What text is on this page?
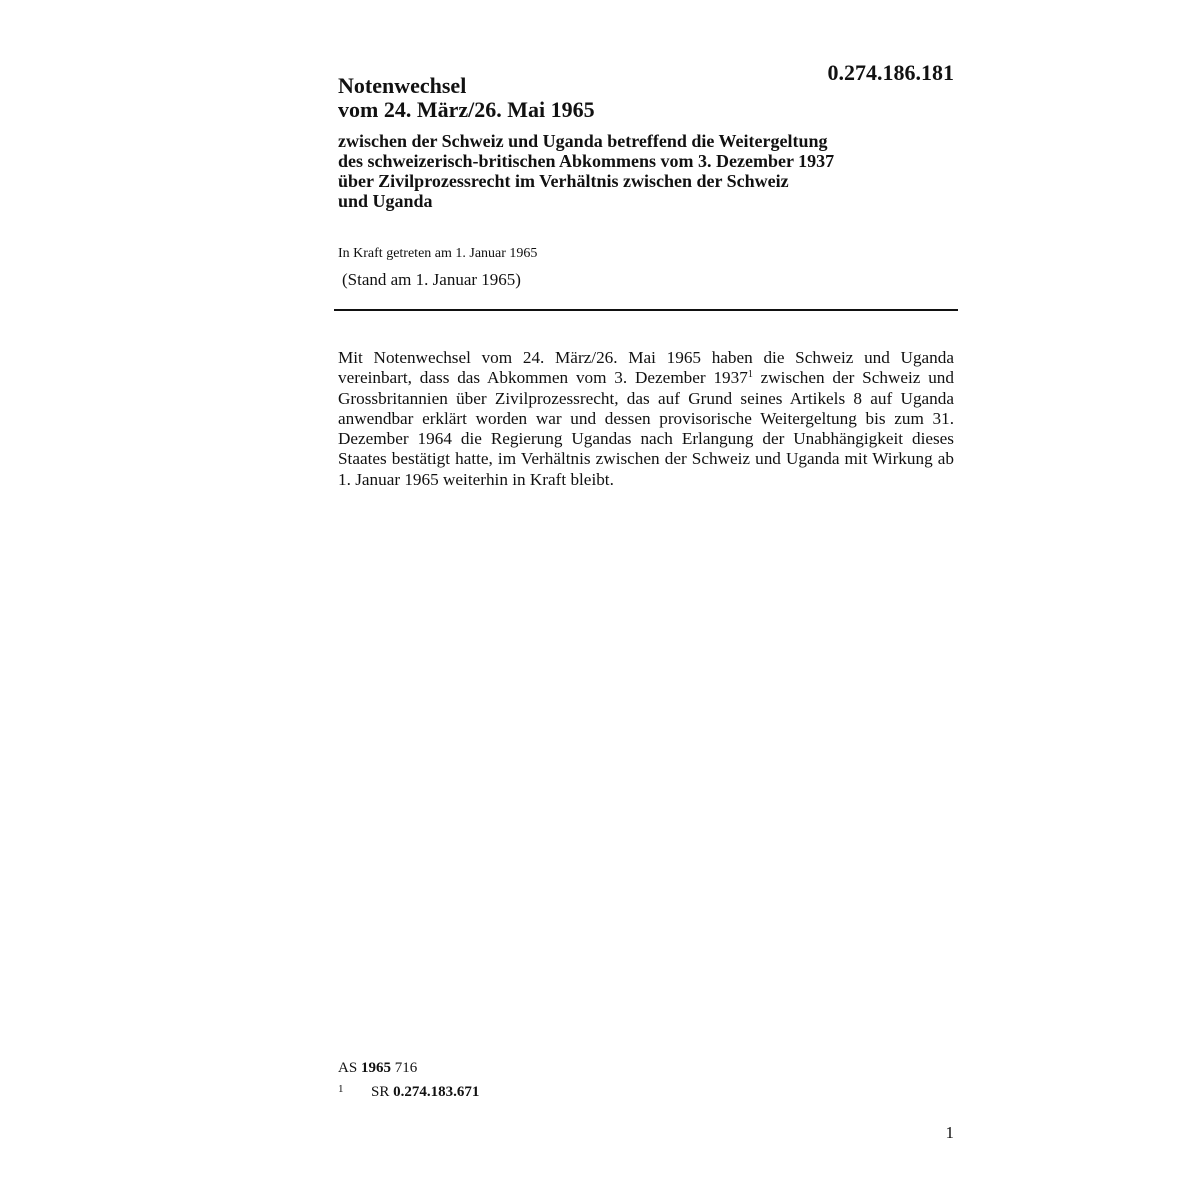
0.274.186.181
Notenwechsel
vom 24. März/26. Mai 1965
zwischen der Schweiz und Uganda betreffend die Weitergeltung
des schweizerisch-britischen Abkommens vom 3. Dezember 1937
über Zivilprozessrecht im Verhältnis zwischen der Schweiz
und Uganda
In Kraft getreten am 1. Januar 1965
(Stand am 1. Januar 1965)

Mit Notenwechsel vom 24. März/26. Mai 1965 haben die Schweiz und Uganda vereinbart, dass das Abkommen vom 3. Dezember 1937$^1$ zwischen der Schweiz und Grossbritannien über Zivilprozessrecht, das auf Grund seines Artikels 8 auf Uganda anwendbar erklärt worden war und dessen provisorische Weitergeltung bis zum 31. Dezember 1964 die Regierung Ugandas nach Erlangung der Unabhängigkeit dieses Staates bestätigt hatte, im Verhältnis zwischen der Schweiz und Uganda mit Wirkung ab 1. Januar 1965 weiterhin in Kraft bleibt.

AS 1965 716
1 SR 0.274.183.671
1
